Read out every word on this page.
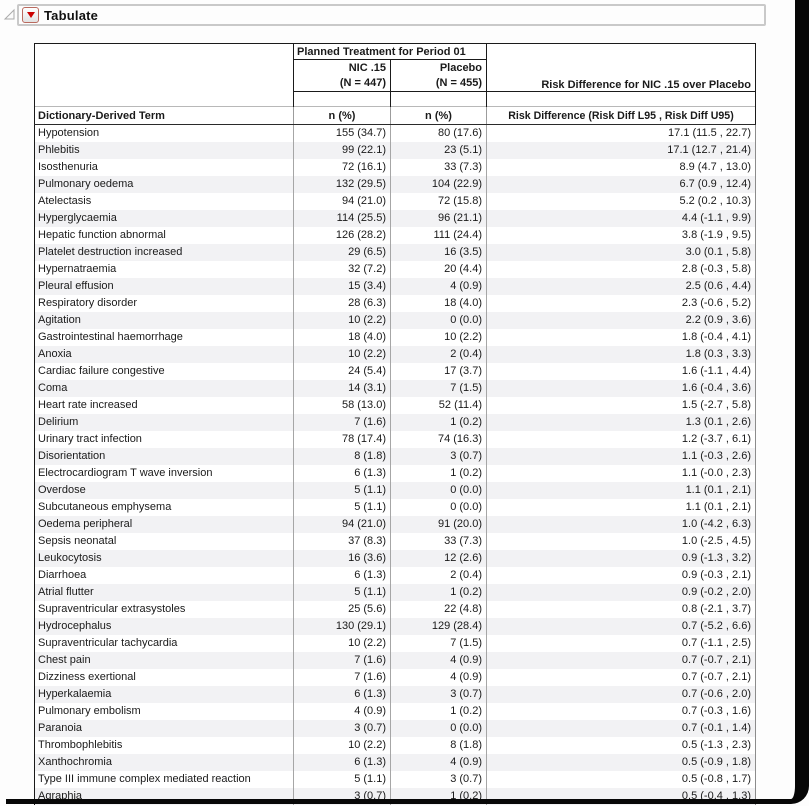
Tabulate
	Planned Treatment for Period 01		Risk Difference for NIC .15 over Placebo
	NIC .15	Placebo	
	(N = 447)	(N = 455)	

Dictionary-Derived Term	n (%)	n (%)	Risk Difference (Risk Diff L95 , Risk Diff U95)
Hypotension	155 (34.7)	80 (17.6)	17.1 (11.5 , 22.7)
Phlebitis	99 (22.1)	23 (5.1)	17.1 (12.7 , 21.4)
Isosthenuria	72 (16.1)	33 (7.3)	8.9 (4.7 , 13.0)
Pulmonary oedema	132 (29.5)	104 (22.9)	6.7 (0.9 , 12.4)
Atelectasis	94 (21.0)	72 (15.8)	5.2 (0.2 , 10.3)
Hyperglycaemia	114 (25.5)	96 (21.1)	4.4 (-1.1 , 9.9)
Hepatic function abnormal	126 (28.2)	111 (24.4)	3.8 (-1.9 , 9.5)
Platelet destruction increased	29 (6.5)	16 (3.5)	3.0 (0.1 , 5.8)
Hypernatraemia	32 (7.2)	20 (4.4)	2.8 (-0.3 , 5.8)
Pleural effusion	15 (3.4)	4 (0.9)	2.5 (0.6 , 4.4)
Respiratory disorder	28 (6.3)	18 (4.0)	2.3 (-0.6 , 5.2)
Agitation	10 (2.2)	0 (0.0)	2.2 (0.9 , 3.6)
Gastrointestinal haemorrhage	18 (4.0)	10 (2.2)	1.8 (-0.4 , 4.1)
Anoxia	10 (2.2)	2 (0.4)	1.8 (0.3 , 3.3)
Cardiac failure congestive	24 (5.4)	17 (3.7)	1.6 (-1.1 , 4.4)
Coma	14 (3.1)	7 (1.5)	1.6 (-0.4 , 3.6)
Heart rate increased	58 (13.0)	52 (11.4)	1.5 (-2.7 , 5.8)
Delirium	7 (1.6)	1 (0.2)	1.3 (0.1 , 2.6)
Urinary tract infection	78 (17.4)	74 (16.3)	1.2 (-3.7 , 6.1)
Disorientation	8 (1.8)	3 (0.7)	1.1 (-0.3 , 2.6)
Electrocardiogram T wave inversion	6 (1.3)	1 (0.2)	1.1 (-0.0 , 2.3)
Overdose	5 (1.1)	0 (0.0)	1.1 (0.1 , 2.1)
Subcutaneous emphysema	5 (1.1)	0 (0.0)	1.1 (0.1 , 2.1)
Oedema peripheral	94 (21.0)	91 (20.0)	1.0 (-4.2 , 6.3)
Sepsis neonatal	37 (8.3)	33 (7.3)	1.0 (-2.5 , 4.5)
Leukocytosis	16 (3.6)	12 (2.6)	0.9 (-1.3 , 3.2)
Diarrhoea	6 (1.3)	2 (0.4)	0.9 (-0.3 , 2.1)
Atrial flutter	5 (1.1)	1 (0.2)	0.9 (-0.2 , 2.0)
Supraventricular extrasystoles	25 (5.6)	22 (4.8)	0.8 (-2.1 , 3.7)
Hydrocephalus	130 (29.1)	129 (28.4)	0.7 (-5.2 , 6.6)
Supraventricular tachycardia	10 (2.2)	7 (1.5)	0.7 (-1.1 , 2.5)
Chest pain	7 (1.6)	4 (0.9)	0.7 (-0.7 , 2.1)
Dizziness exertional	7 (1.6)	4 (0.9)	0.7 (-0.7 , 2.1)
Hyperkalaemia	6 (1.3)	3 (0.7)	0.7 (-0.6 , 2.0)
Pulmonary embolism	4 (0.9)	1 (0.2)	0.7 (-0.3 , 1.6)
Paranoia	3 (0.7)	0 (0.0)	0.7 (-0.1 , 1.4)
Thrombophlebitis	10 (2.2)	8 (1.8)	0.5 (-1.3 , 2.3)
Xanthochromia	6 (1.3)	4 (0.9)	0.5 (-0.9 , 1.8)
Type III immune complex mediated reaction	5 (1.1)	3 (0.7)	0.5 (-0.8 , 1.7)
Agraphia	3 (0.7)	1 (0.2)	0.5 (-0.4 , 1.3)
